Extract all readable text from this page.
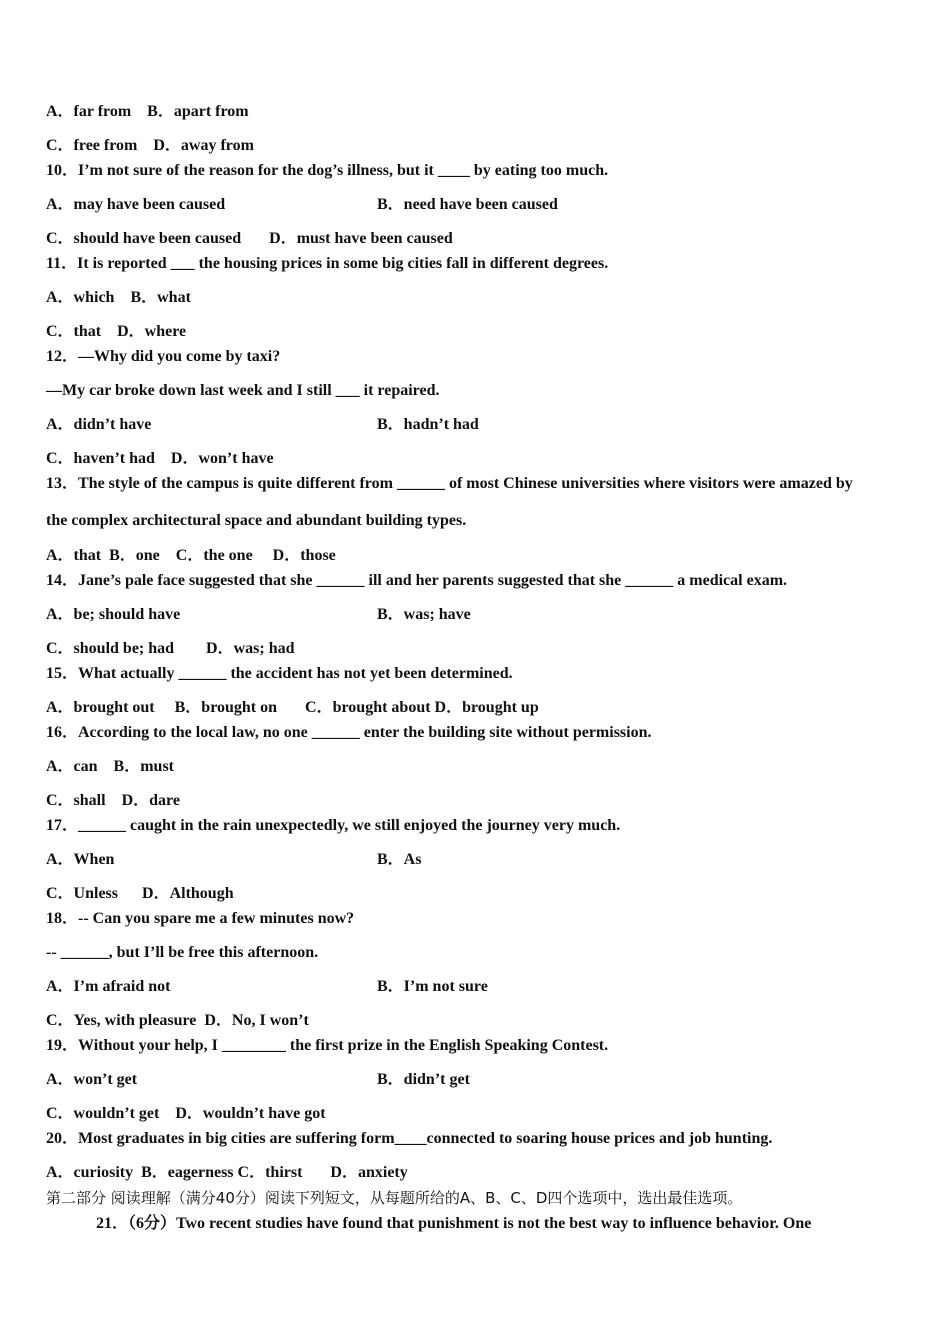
A．far from    B．apart from
C．free from    D．away from
10．I’m not sure of the reason for the dog’s illness, but it ____ by eating too much.
A．may have been caused	B．need have been caused
C．should have been caused       D．must have been caused
11．It is reported ___ the housing prices in some big cities fall in different degrees.
A．which    B．what
C．that    D．where
12．—Why did you come by taxi?
—My car broke down last week and I still ___ it repaired.
A．didn’t have	B．hadn’t had
C．haven’t had    D．won’t have
13．The style of the campus is quite different from ______ of most Chinese universities where visitors were amazed by
the complex architectural space and abundant building types.
A．that  B．one    C．the one     D．those
14．Jane’s pale face suggested that she ______ ill and her parents suggested that she ______ a medical exam.
A．be; should have	B．was; have
C．should be; had        D．was; had
15．What actually ______ the accident has not yet been determined.
A．brought out     B．brought on       C．brought about D．brought up
16．According to the local law, no one ______ enter the building site without permission.
A．can    B．must
C．shall    D．dare
17．______ caught in the rain unexpectedly, we still enjoyed the journey very much.
A．When	B．As
C．Unless      D．Although
18．-- Can you spare me a few minutes now?
-- ______, but I’ll be free this afternoon.
A．I’m afraid not	B．I’m not sure
C．Yes, with pleasure  D．No, I won’t
19．Without your help, I ________ the first prize in the English Speaking Contest.
A．won’t get	B．didn’t get
C．wouldn’t get    D．wouldn’t have got
20．Most graduates in big cities are suffering form____connected to soaring house prices and job hunting.
A．curiosity  B．eagerness C．thirst       D．anxiety
第二部分 阅读理解（满分40分）阅读下列短文，从每题所给的A、B、C、D四个选项中，选出最佳选项。
21．（6分）Two recent studies have found that punishment is not the best way to influence behavior. One
